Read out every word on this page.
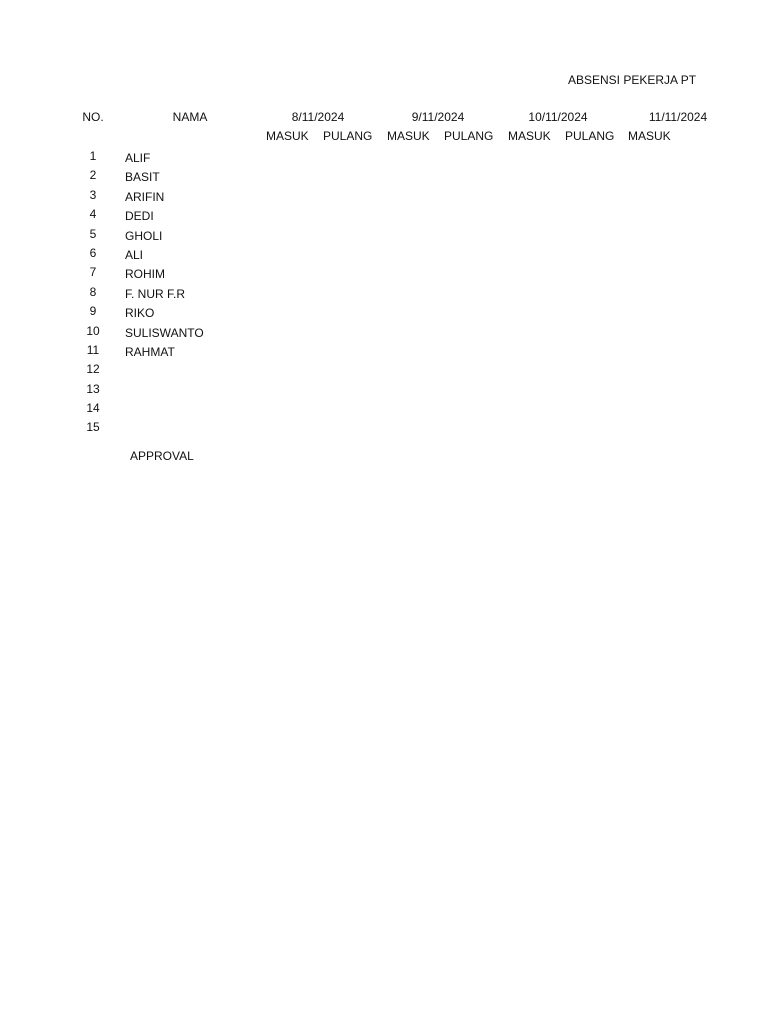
ABSENSI PEKERJA PT
NO.	NAMA	8/11/2024	9/11/2024	10/11/2024	11/11/2024
MASUK PULANG MASUK PULANG MASUK PULANG MASUK
1	ALIF
2	BASIT
3	ARIFIN
4	DEDI
5	GHOLI
6	ALI
7	ROHIM
8	F. NUR F.R
9	RIKO
10	SULISWANTO
11	RAHMAT
12
13
14
15
APPROVAL
